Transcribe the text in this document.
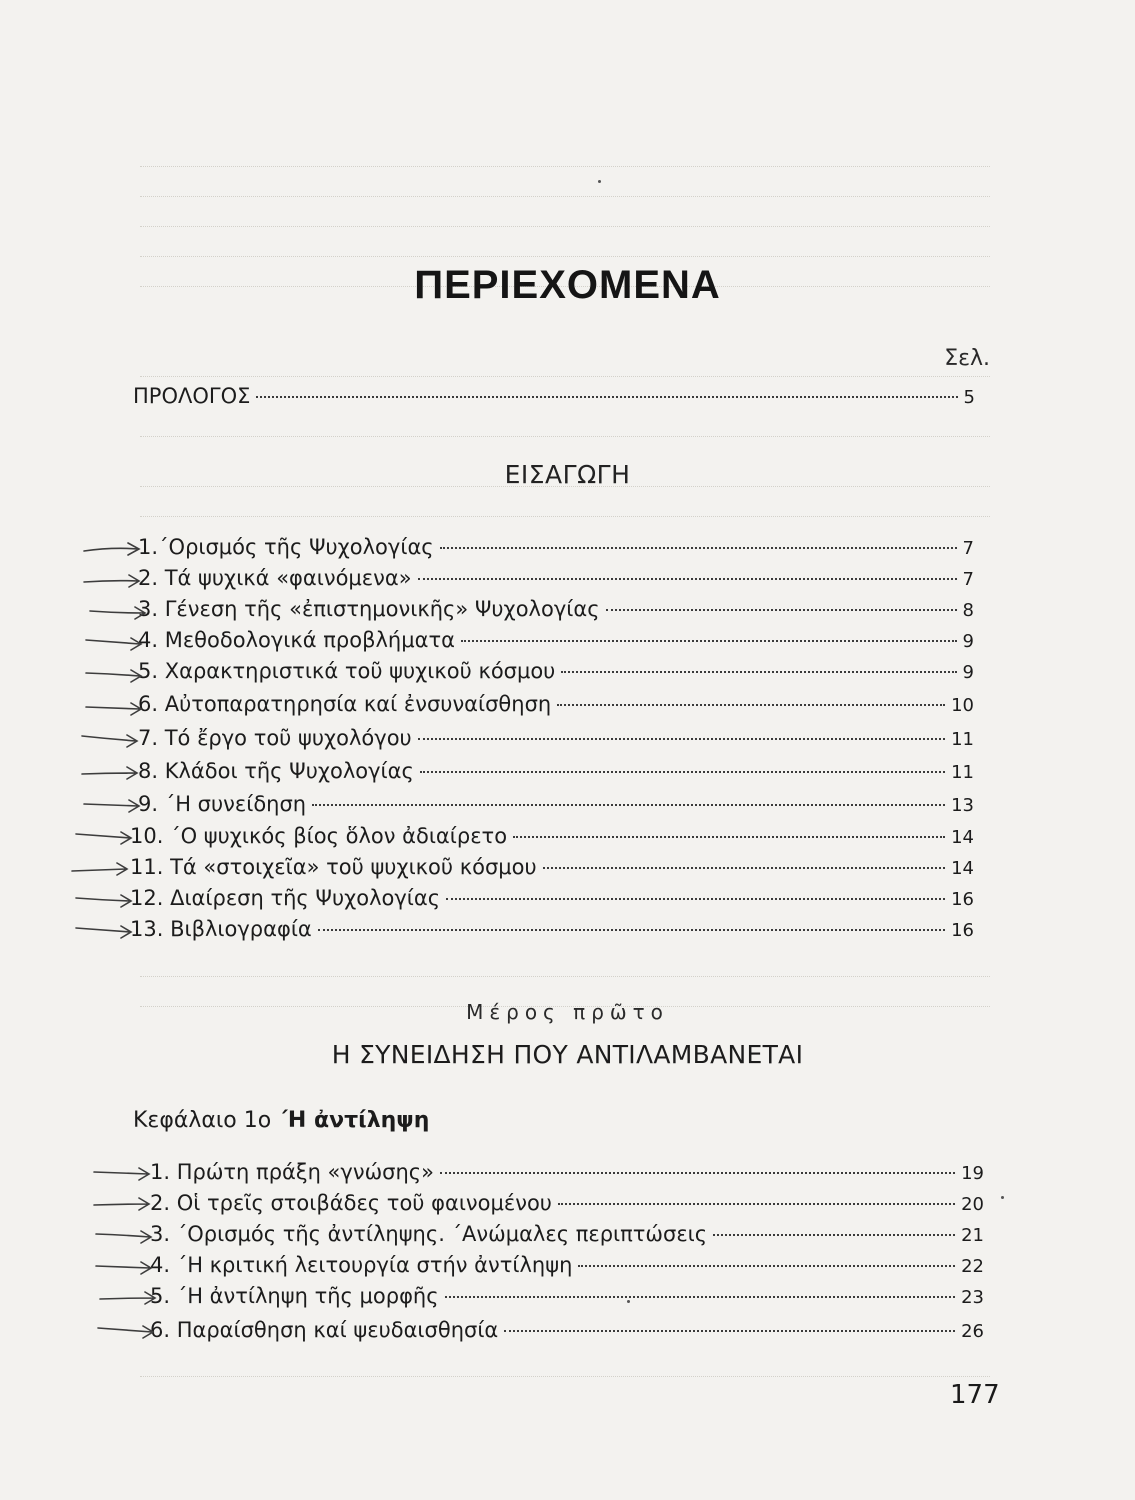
ΠΕΡΙΕΧΟΜΕΝΑ
Σελ.
ΠΡΟΛΟΓΟΣ	5
ΕΙΣΑΓΩΓΗ
1.΄Ορισμός τῆς Ψυχολογίας	7
2. Τά ψυχικά «φαινόμενα»	7
3. Γένεση τῆς «ἐπιστημονικῆς» Ψυχολογίας	8
4. Μεθοδολογικά προβλήματα	9
5. Χαρακτηριστικά τοῦ ψυχικοῦ κόσμου	9
6. Αὐτοπαρατηρησία καί ἐνσυναίσθηση	10
7. Τό ἔργο τοῦ ψυχολόγου	11
8. Κλάδοι τῆς Ψυχολογίας	11
9. ΄Η συνείδηση	13
10. ΄Ο ψυχικός βίος ὅλον ἀδιαίρετο	14
11. Τά «στοιχεῖα» τοῦ ψυχικοῦ κόσμου	14
12. Διαίρεση τῆς Ψυχολογίας	16
13. Βιβλιογραφία	16
Μέρος πρῶτο
Η ΣΥΝΕΙΔΗΣΗ ΠΟΥ ΑΝΤΙΛΑΜΒΑΝΕΤΑΙ
Κεφάλαιο 1ο ΄Η ἀντίληψη
1. Πρώτη πράξη «γνώσης»	19
2. Οἱ τρεῖς στοιβάδες τοῦ φαινομένου	20
3. ΄Ορισμός τῆς ἀντίληψης. ΄Ανώμαλες περιπτώσεις	21
4. ΄Η κριτική λειτουργία στήν ἀντίληψη	22
5. ΄Η ἀντίληψη τῆς μορφῆς	23
6. Παραίσθηση καί ψευδαισθησία	26
177
